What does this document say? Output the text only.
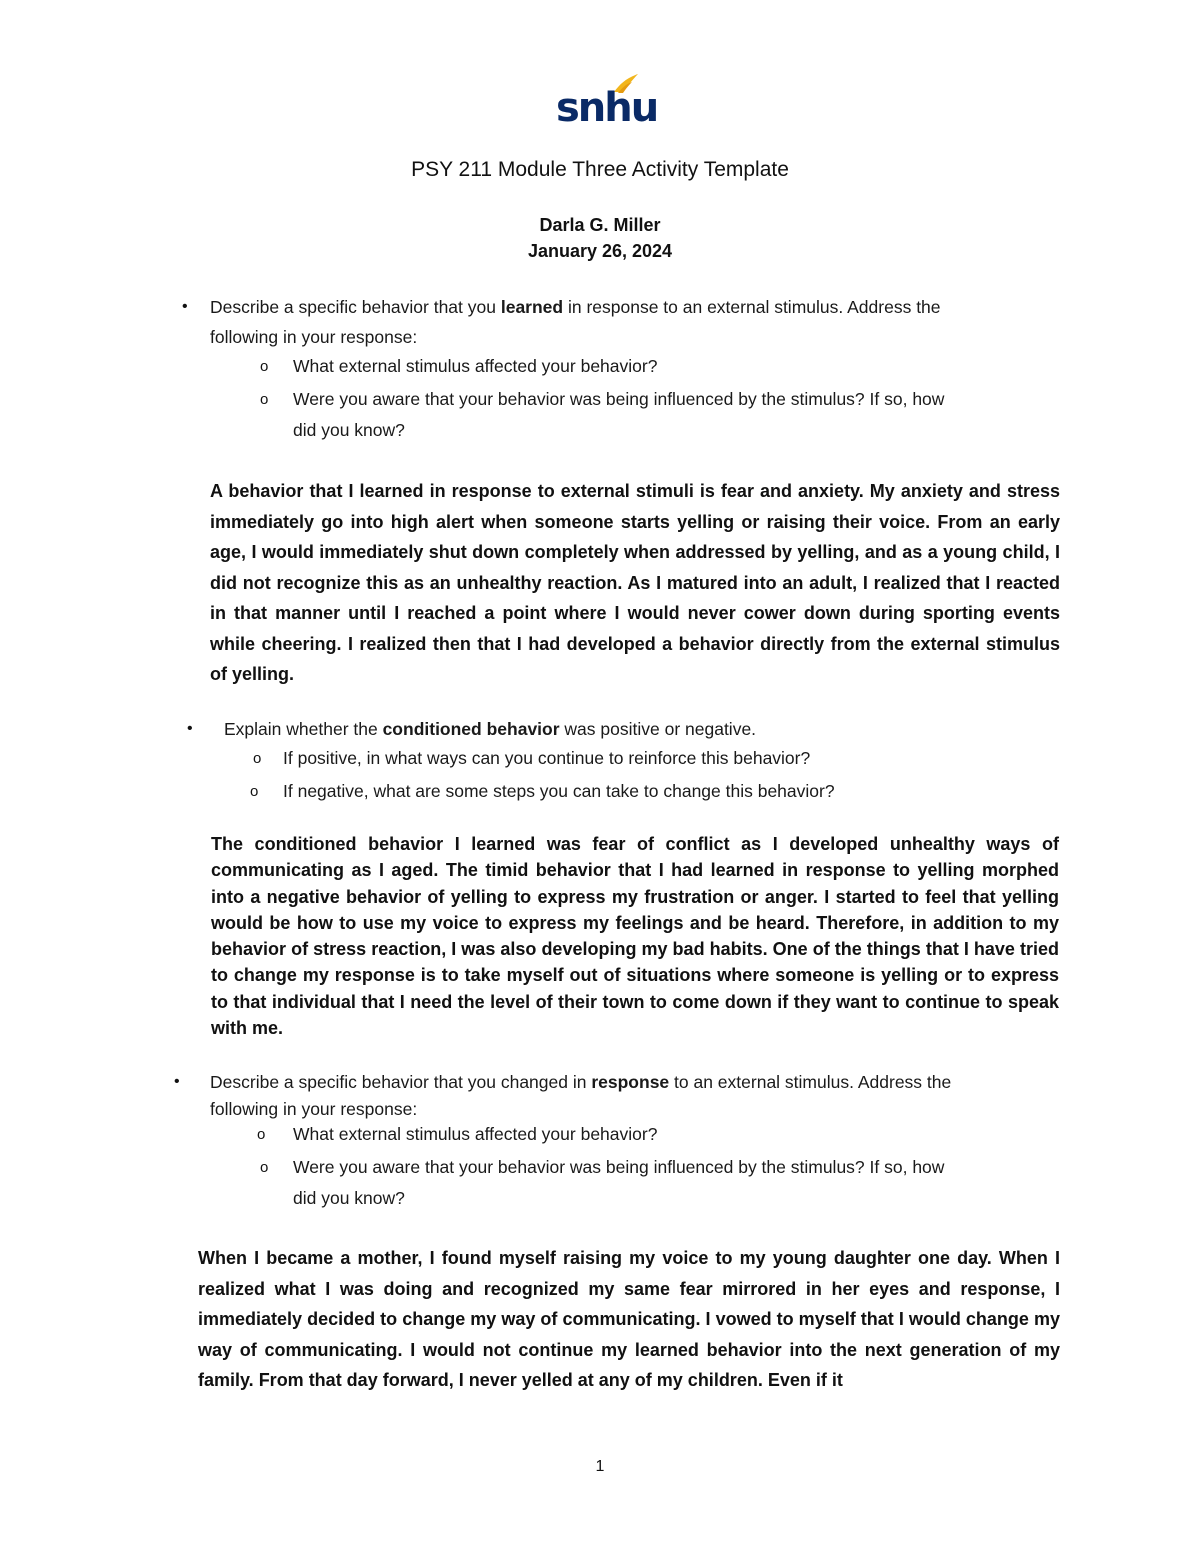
snhu
PSY 211 Module Three Activity Template
Darla G. Miller
January 26, 2024
• Describe a specific behavior that you learned in response to an external stimulus. Address the
following in your response:
o What external stimulus affected your behavior?
o Were you aware that your behavior was being influenced by the stimulus? If so, how
did you know?
A behavior that I learned in response to external stimuli is fear and anxiety. My anxiety and stress immediately go into high alert when someone starts yelling or raising their voice. From an early age, I would immediately shut down completely when addressed by yelling, and as a young child, I did not recognize this as an unhealthy reaction. As I matured into an adult, I realized that I reacted in that manner until I reached a point where I would never cower down during sporting events while cheering. I realized then that I had developed a behavior directly from the external stimulus of yelling.
• Explain whether the conditioned behavior was positive or negative.
o If positive, in what ways can you continue to reinforce this behavior?
o If negative, what are some steps you can take to change this behavior?
The conditioned behavior I learned was fear of conflict as I developed unhealthy ways of communicating as I aged. The timid behavior that I had learned in response to yelling morphed into a negative behavior of yelling to express my frustration or anger. I started to feel that yelling would be how to use my voice to express my feelings and be heard. Therefore, in addition to my behavior of stress reaction, I was also developing my bad habits. One of the things that I have tried to change my response is to take myself out of situations where someone is yelling or to express to that individual that I need the level of their town to come down if they want to continue to speak with me.
• Describe a specific behavior that you changed in response to an external stimulus. Address the
following in your response:
o What external stimulus affected your behavior?
o Were you aware that your behavior was being influenced by the stimulus? If so, how
did you know?
When I became a mother, I found myself raising my voice to my young daughter one day. When I realized what I was doing and recognized my same fear mirrored in her eyes and response, I immediately decided to change my way of communicating. I vowed to myself that I would change my way of communicating. I would not continue my learned behavior into the next generation of my family. From that day forward, I never yelled at any of my children. Even if it
1
